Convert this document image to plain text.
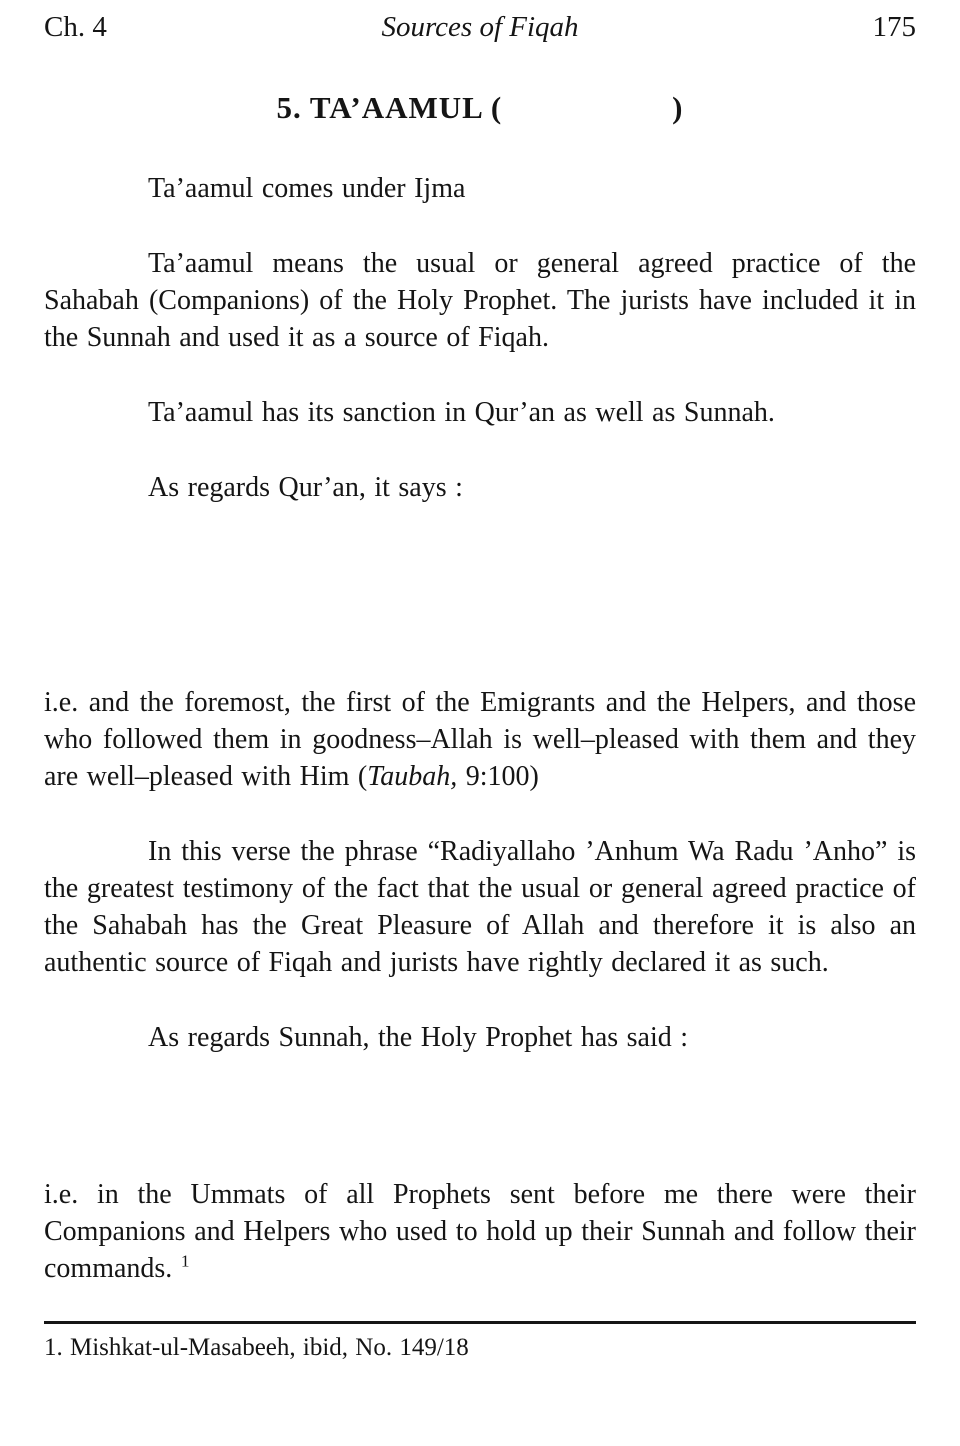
Ch. 4	Sources of Fiqah	175
5. TA’AAMUL (	)

Ta’aamul comes under Ijma

Ta’aamul means the usual or general agreed practice of the Sahabah (Companions) of the Holy Prophet. The jurists have included it in the Sunnah and used it as a source of Fiqah.

Ta’aamul has its sanction in Qur’an as well as Sunnah.

As regards Qur’an, it says :

i.e. and the foremost, the first of the Emigrants and the Helpers, and those who followed them in goodness–Allah is well–pleased with them and they are well–pleased with Him (Taubah, 9:100)

In this verse the phrase “Radiyallaho ’Anhum Wa Radu ’Anho” is the greatest testimony of the fact that the usual or general agreed practice of the Sahabah has the Great Pleasure of Allah and therefore it is also an authentic source of Fiqah and jurists have rightly declared it as such.

As regards Sunnah, the Holy Prophet has said :

i.e. in the Ummats of all Prophets sent before me there were their Companions and Helpers who used to hold up their Sunnah and follow their commands. $^1$

1. Mishkat-ul-Masabeeh, ibid, No. 149/18
